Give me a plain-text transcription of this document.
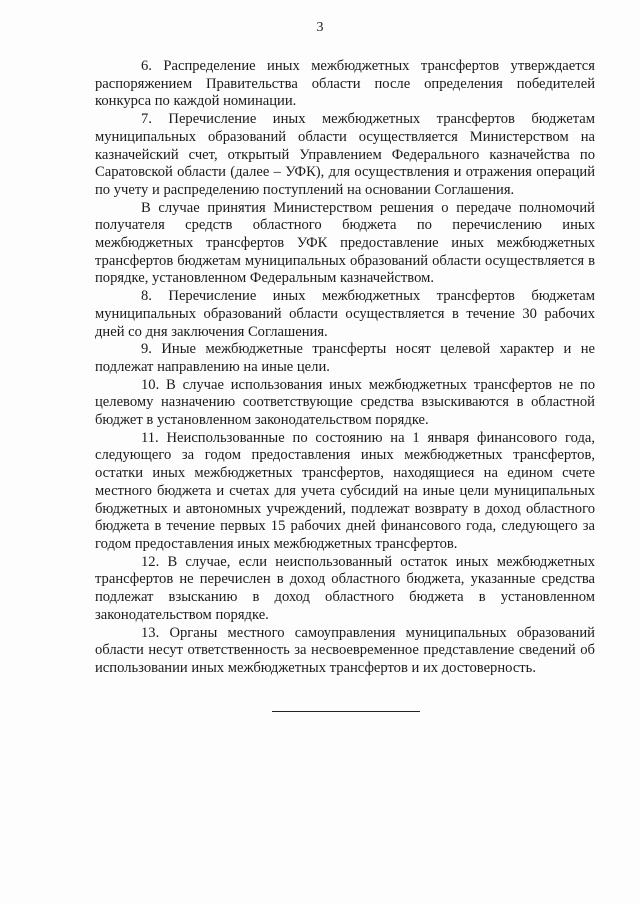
3

6. Распределение иных межбюджетных трансфертов утверждается распоряжением Правительства области после определения победителей конкурса по каждой номинации.

7. Перечисление иных межбюджетных трансфертов бюджетам муниципальных образований области осуществляется Министерством на казначейский счет, открытый Управлением Федерального казначейства по Саратовской области (далее – УФК), для осуществления и отражения операций по учету и распределению поступлений на основании Соглашения.

В случае принятия Министерством решения о передаче полномочий получателя средств областного бюджета по перечислению иных межбюджетных трансфертов УФК предоставление иных межбюджетных трансфертов бюджетам муниципальных образований области осуществляется в порядке, установленном Федеральным казначейством.

8. Перечисление иных межбюджетных трансфертов бюджетам муниципальных образований области осуществляется в течение 30 рабочих дней со дня заключения Соглашения.

9. Иные межбюджетные трансферты носят целевой характер и не подлежат направлению на иные цели.

10. В случае использования иных межбюджетных трансфертов не по целевому назначению соответствующие средства взыскиваются в областной бюджет в установленном законодательством порядке.

11. Неиспользованные по состоянию на 1 января финансового года, следующего за годом предоставления иных межбюджетных трансфертов, остатки иных межбюджетных трансфертов, находящиеся на едином счете местного бюджета и счетах для учета субсидий на иные цели муниципальных бюджетных и автономных учреждений, подлежат возврату в доход областного бюджета в течение первых 15 рабочих дней финансового года, следующего за годом предоставления иных межбюджетных трансфертов.

12. В случае, если неиспользованный остаток иных межбюджетных трансфертов не перечислен в доход областного бюджета, указанные средства подлежат взысканию в доход областного бюджета в установленном законодательством порядке.

13. Органы местного самоуправления муниципальных образований области несут ответственность за несвоевременное представление сведений об использовании иных межбюджетных трансфертов и их достоверность.
